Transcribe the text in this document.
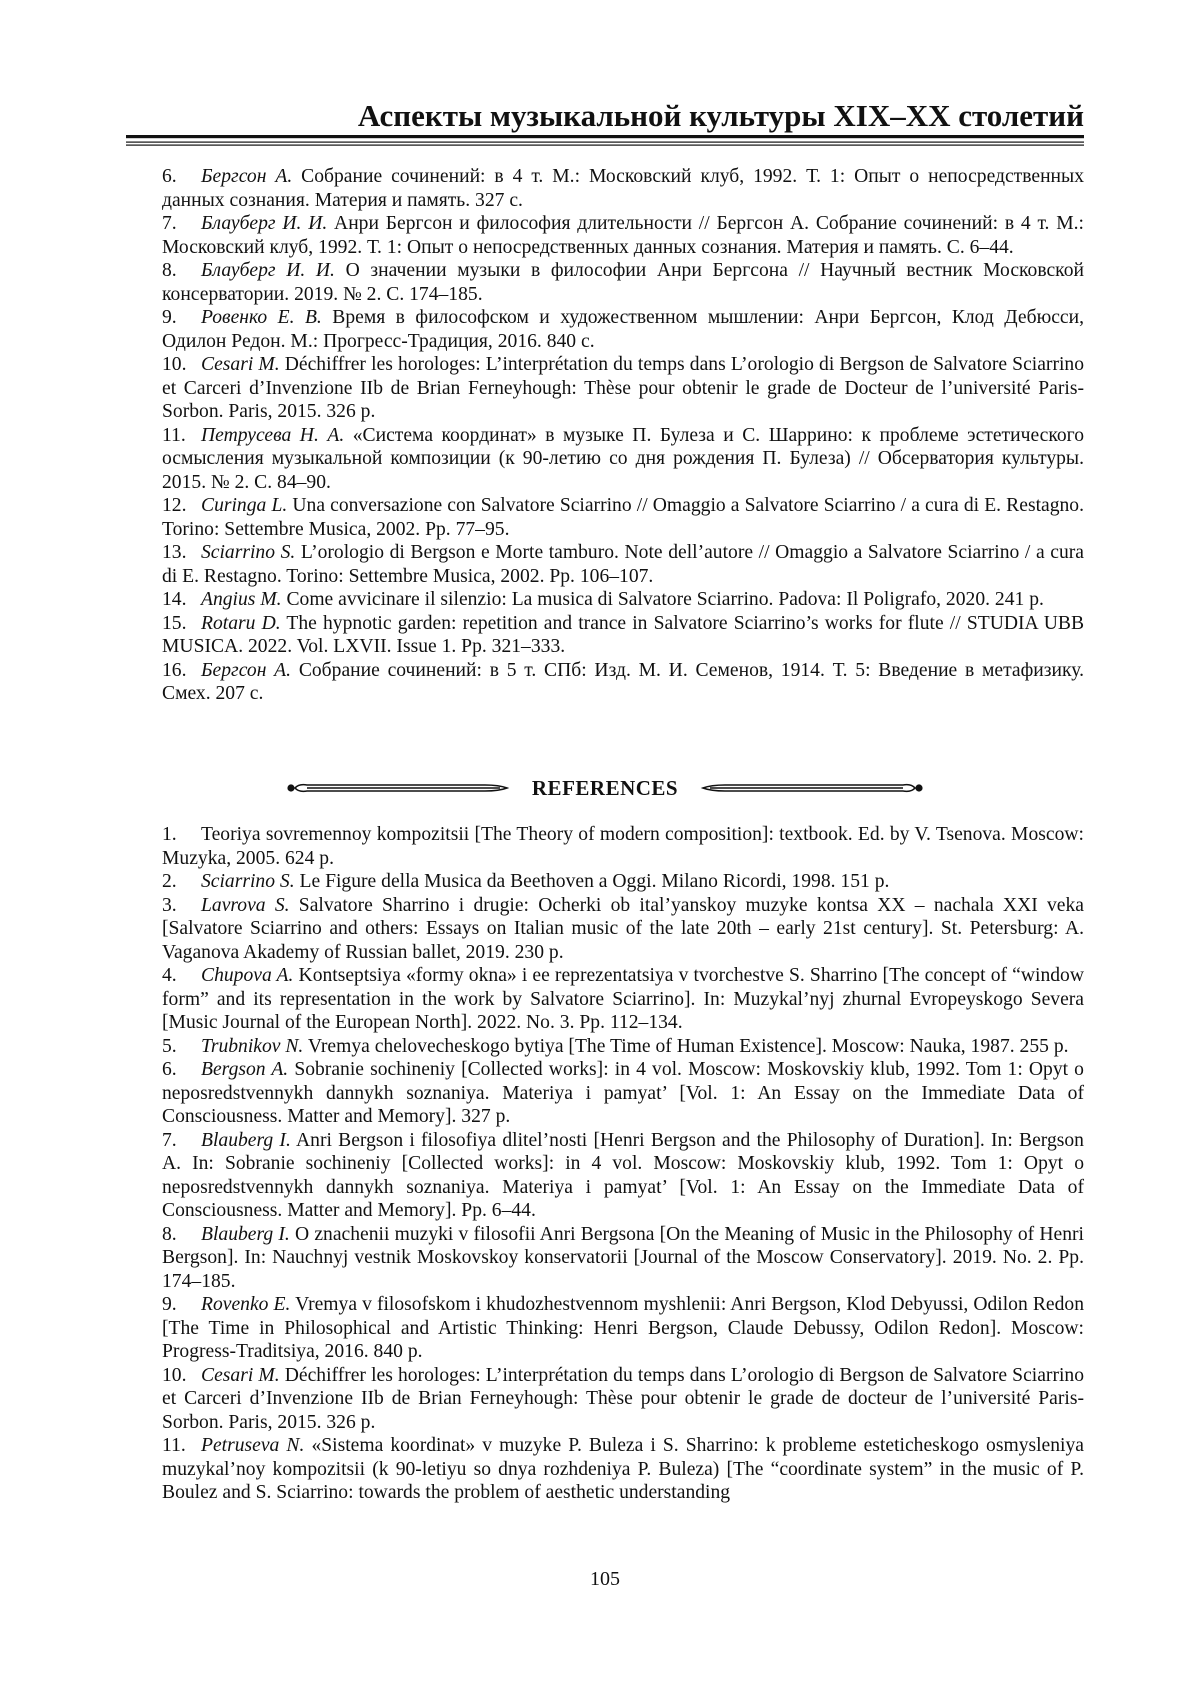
Аспекты музыкальной культуры XIX–XX столетий

6. Бергсон А. Собрание сочинений: в 4 т. М.: Московский клуб, 1992. Т. 1: Опыт о непосредственных данных сознания. Материя и память. 327 с.

7. Блауберг И. И. Анри Бергсон и философия длительности // Бергсон А. Собрание сочинений: в 4 т. М.: Московский клуб, 1992. Т. 1: Опыт о непосредственных данных сознания. Материя и память. С. 6–44.

8. Блауберг И. И. О значении музыки в философии Анри Бергсона // Научный вестник Московской консерватории. 2019. № 2. С. 174–185.

9. Ровенко Е. В. Время в философском и художественном мышлении: Анри Бергсон, Клод Дебюсси, Одилон Редон. М.: Прогресс-Традиция, 2016. 840 с.

10. Cesari M. Déchiffrer les horologes: L’interprétation du temps dans L’orologio di Bergson de Salvatore Sciarrino et Carceri d’Invenzione IIb de Brian Ferneyhough: Thèse pour obtenir le grade de Docteur de l’université Paris-Sorbon. Paris, 2015. 326 p.

11. Петрусева Н. А. «Система координат» в музыке П. Булеза и С. Шаррино: к проблеме эстетического осмысления музыкальной композиции (к 90-летию со дня рождения П. Булеза) // Обсерватория культуры. 2015. № 2. С. 84–90.

12. Curinga L. Una conversazione con Salvatore Sciarrino // Omaggio a Salvatore Sciarrino / a cura di E. Restagno. Torino: Settembre Musica, 2002. Pp. 77–95.

13. Sciarrino S. L’orologio di Bergson e Morte tamburo. Note dell’autore // Omaggio a Salvatore Sciarrino / a cura di E. Restagno. Torino: Settembre Musica, 2002. Pp. 106–107.

14. Angius M. Come avvicinare il silenzio: La musica di Salvatore Sciarrino. Padova: Il Poligrafo, 2020. 241 p.

15. Rotaru D. The hypnotic garden: repetition and trance in Salvatore Sciarrino’s works for flute // STUDIA UBB MUSICA. 2022. Vol. LXVII. Issue 1. Pp. 321–333.

16. Бергсон А. Собрание сочинений: в 5 т. СПб: Изд. М. И. Семенов, 1914. Т. 5: Введение в метафизику. Смех. 207 с.

REFERENCES

1. Teoriya sovremennoy kompozitsii [The Theory of modern composition]: textbook. Ed. by V. Tsenova. Moscow: Muzyka, 2005. 624 p.

2. Sciarrino S. Le Figure della Musica da Beethoven a Oggi. Milano Ricordi, 1998. 151 p.

3. Lavrova S. Salvatore Sharrino i drugie: Ocherki ob ital’yanskoy muzyke kontsa XX – nachala XXI veka [Salvatore Sciarrino and others: Essays on Italian music of the late 20th – early 21st century]. St. Petersburg: A. Vaganova Akademy of Russian ballet, 2019. 230 p.

4. Chupova A. Kontseptsiya «formy okna» i ee reprezentatsiya v tvorchestve S. Sharrino [The concept of “window form” and its representation in the work by Salvatore Sciarrino]. In: Muzykal’nyj zhurnal Evropeyskogo Severa [Music Journal of the European North]. 2022. No. 3. Pp. 112–134.

5. Trubnikov N. Vremya chelovecheskogo bytiya [The Time of Human Existence]. Moscow: Nauka, 1987. 255 p.

6. Bergson A. Sobranie sochineniy [Collected works]: in 4 vol. Moscow: Moskovskiy klub, 1992. Tom 1: Opyt o neposredstvennykh dannykh soznaniya. Materiya i pamyat’ [Vol. 1: An Essay on the Immediate Data of Consciousness. Matter and Memory]. 327 p.

7. Blauberg I. Anri Bergson i filosofiya dlitel’nosti [Henri Bergson and the Philosophy of Duration]. In: Bergson A. In: Sobranie sochineniy [Collected works]: in 4 vol. Moscow: Moskovskiy klub, 1992. Tom 1: Opyt o neposredstvennykh dannykh soznaniya. Materiya i pamyat’ [Vol. 1: An Essay on the Immediate Data of Consciousness. Matter and Memory]. Pp. 6–44.

8. Blauberg I. O znachenii muzyki v filosofii Anri Bergsona [On the Meaning of Music in the Philosophy of Henri Bergson]. In: Nauchnyj vestnik Moskovskoy konservatorii [Journal of the Moscow Conservatory]. 2019. No. 2. Pp. 174–185.

9. Rovenko E. Vremya v filosofskom i khudozhestvennom myshlenii: Anri Bergson, Klod Debyussi, Odilon Redon [The Time in Philosophical and Artistic Thinking: Henri Bergson, Claude Debussy, Odilon Redon]. Moscow: Progress-Traditsiya, 2016. 840 p.

10. Cesari M. Déchiffrer les horologes: L’interprétation du temps dans L’orologio di Bergson de Salvatore Sciarrino et Carceri d’Invenzione IIb de Brian Ferneyhough: Thèse pour obtenir le grade de docteur de l’université Paris-Sorbon. Paris, 2015. 326 p.

11. Petruseva N. «Sistema koordinat» v muzyke P. Buleza i S. Sharrino: k probleme esteticheskogo osmysleniya muzykal’noy kompozitsii (k 90-letiyu so dnya rozhdeniya P. Buleza) [The “coordinate system” in the music of P. Boulez and S. Sciarrino: towards the problem of aesthetic understanding

105
